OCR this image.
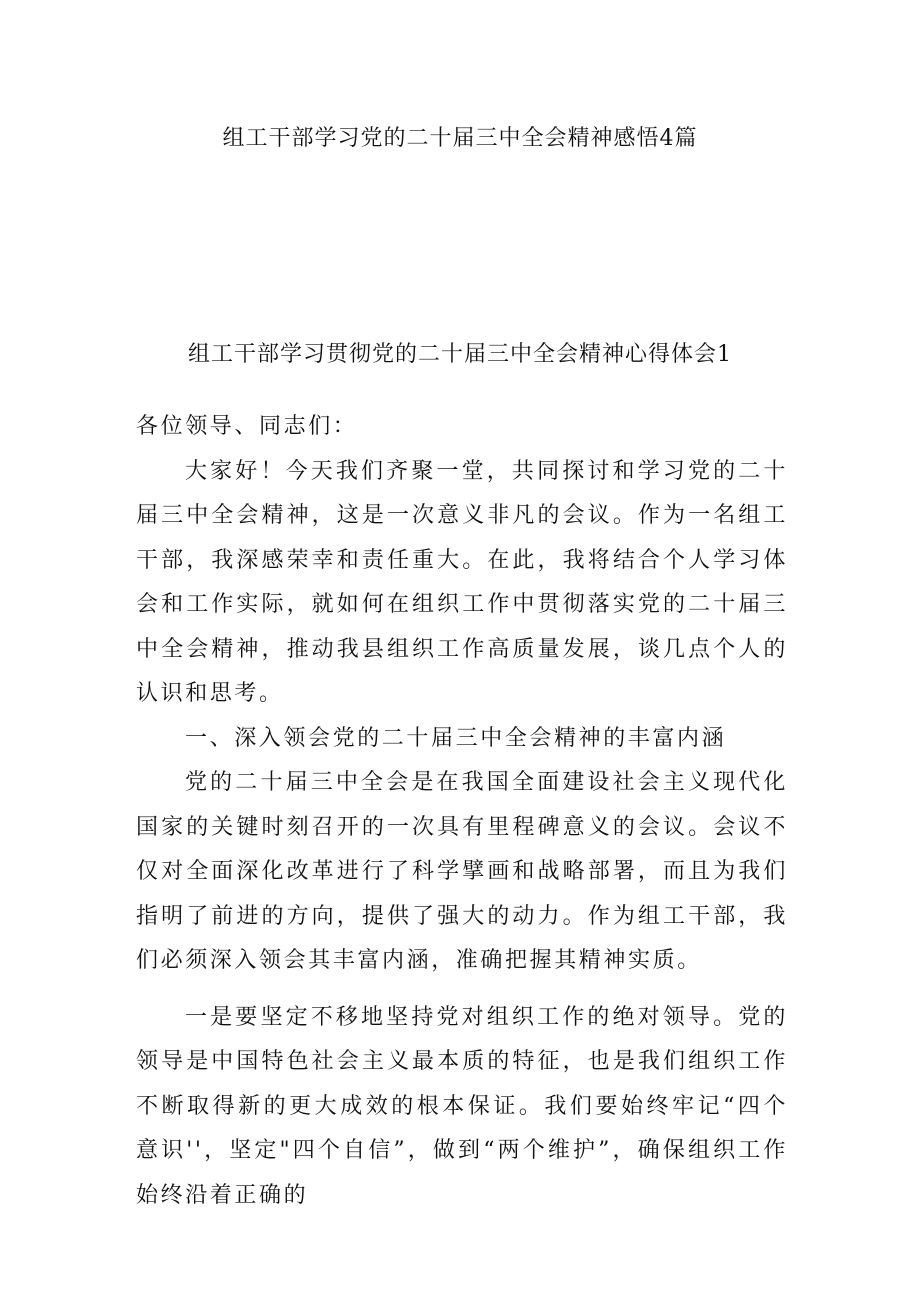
组工干部学习党的二十届三中全会精神感悟4篇
组工干部学习贯彻党的二十届三中全会精神心得体会1

各位领导、同志们：

大家好！今天我们齐聚一堂，共同探讨和学习党的二十届三中全会精神，这是一次意义非凡的会议。作为一名组工干部，我深感荣幸和责任重大。在此，我将结合个人学习体会和工作实际，就如何在组织工作中贯彻落实党的二十届三中全会精神，推动我县组织工作高质量发展，谈几点个人的认识和思考。

一、深入领会党的二十届三中全会精神的丰富内涵

党的二十届三中全会是在我国全面建设社会主义现代化国家的关键时刻召开的一次具有里程碑意义的会议。会议不仅对全面深化改革进行了科学擘画和战略部署，而且为我们指明了前进的方向，提供了强大的动力。作为组工干部，我们必须深入领会其丰富内涵，准确把握其精神实质。

一是要坚定不移地坚持党对组织工作的绝对领导。党的领导是中国特色社会主义最本质的特征，也是我们组织工作不断取得新的更大成效的根本保证。我们要始终牢记“四个意识''，坚定"四个自信”，做到“两个维护”，确保组织工作始终沿着正确的
